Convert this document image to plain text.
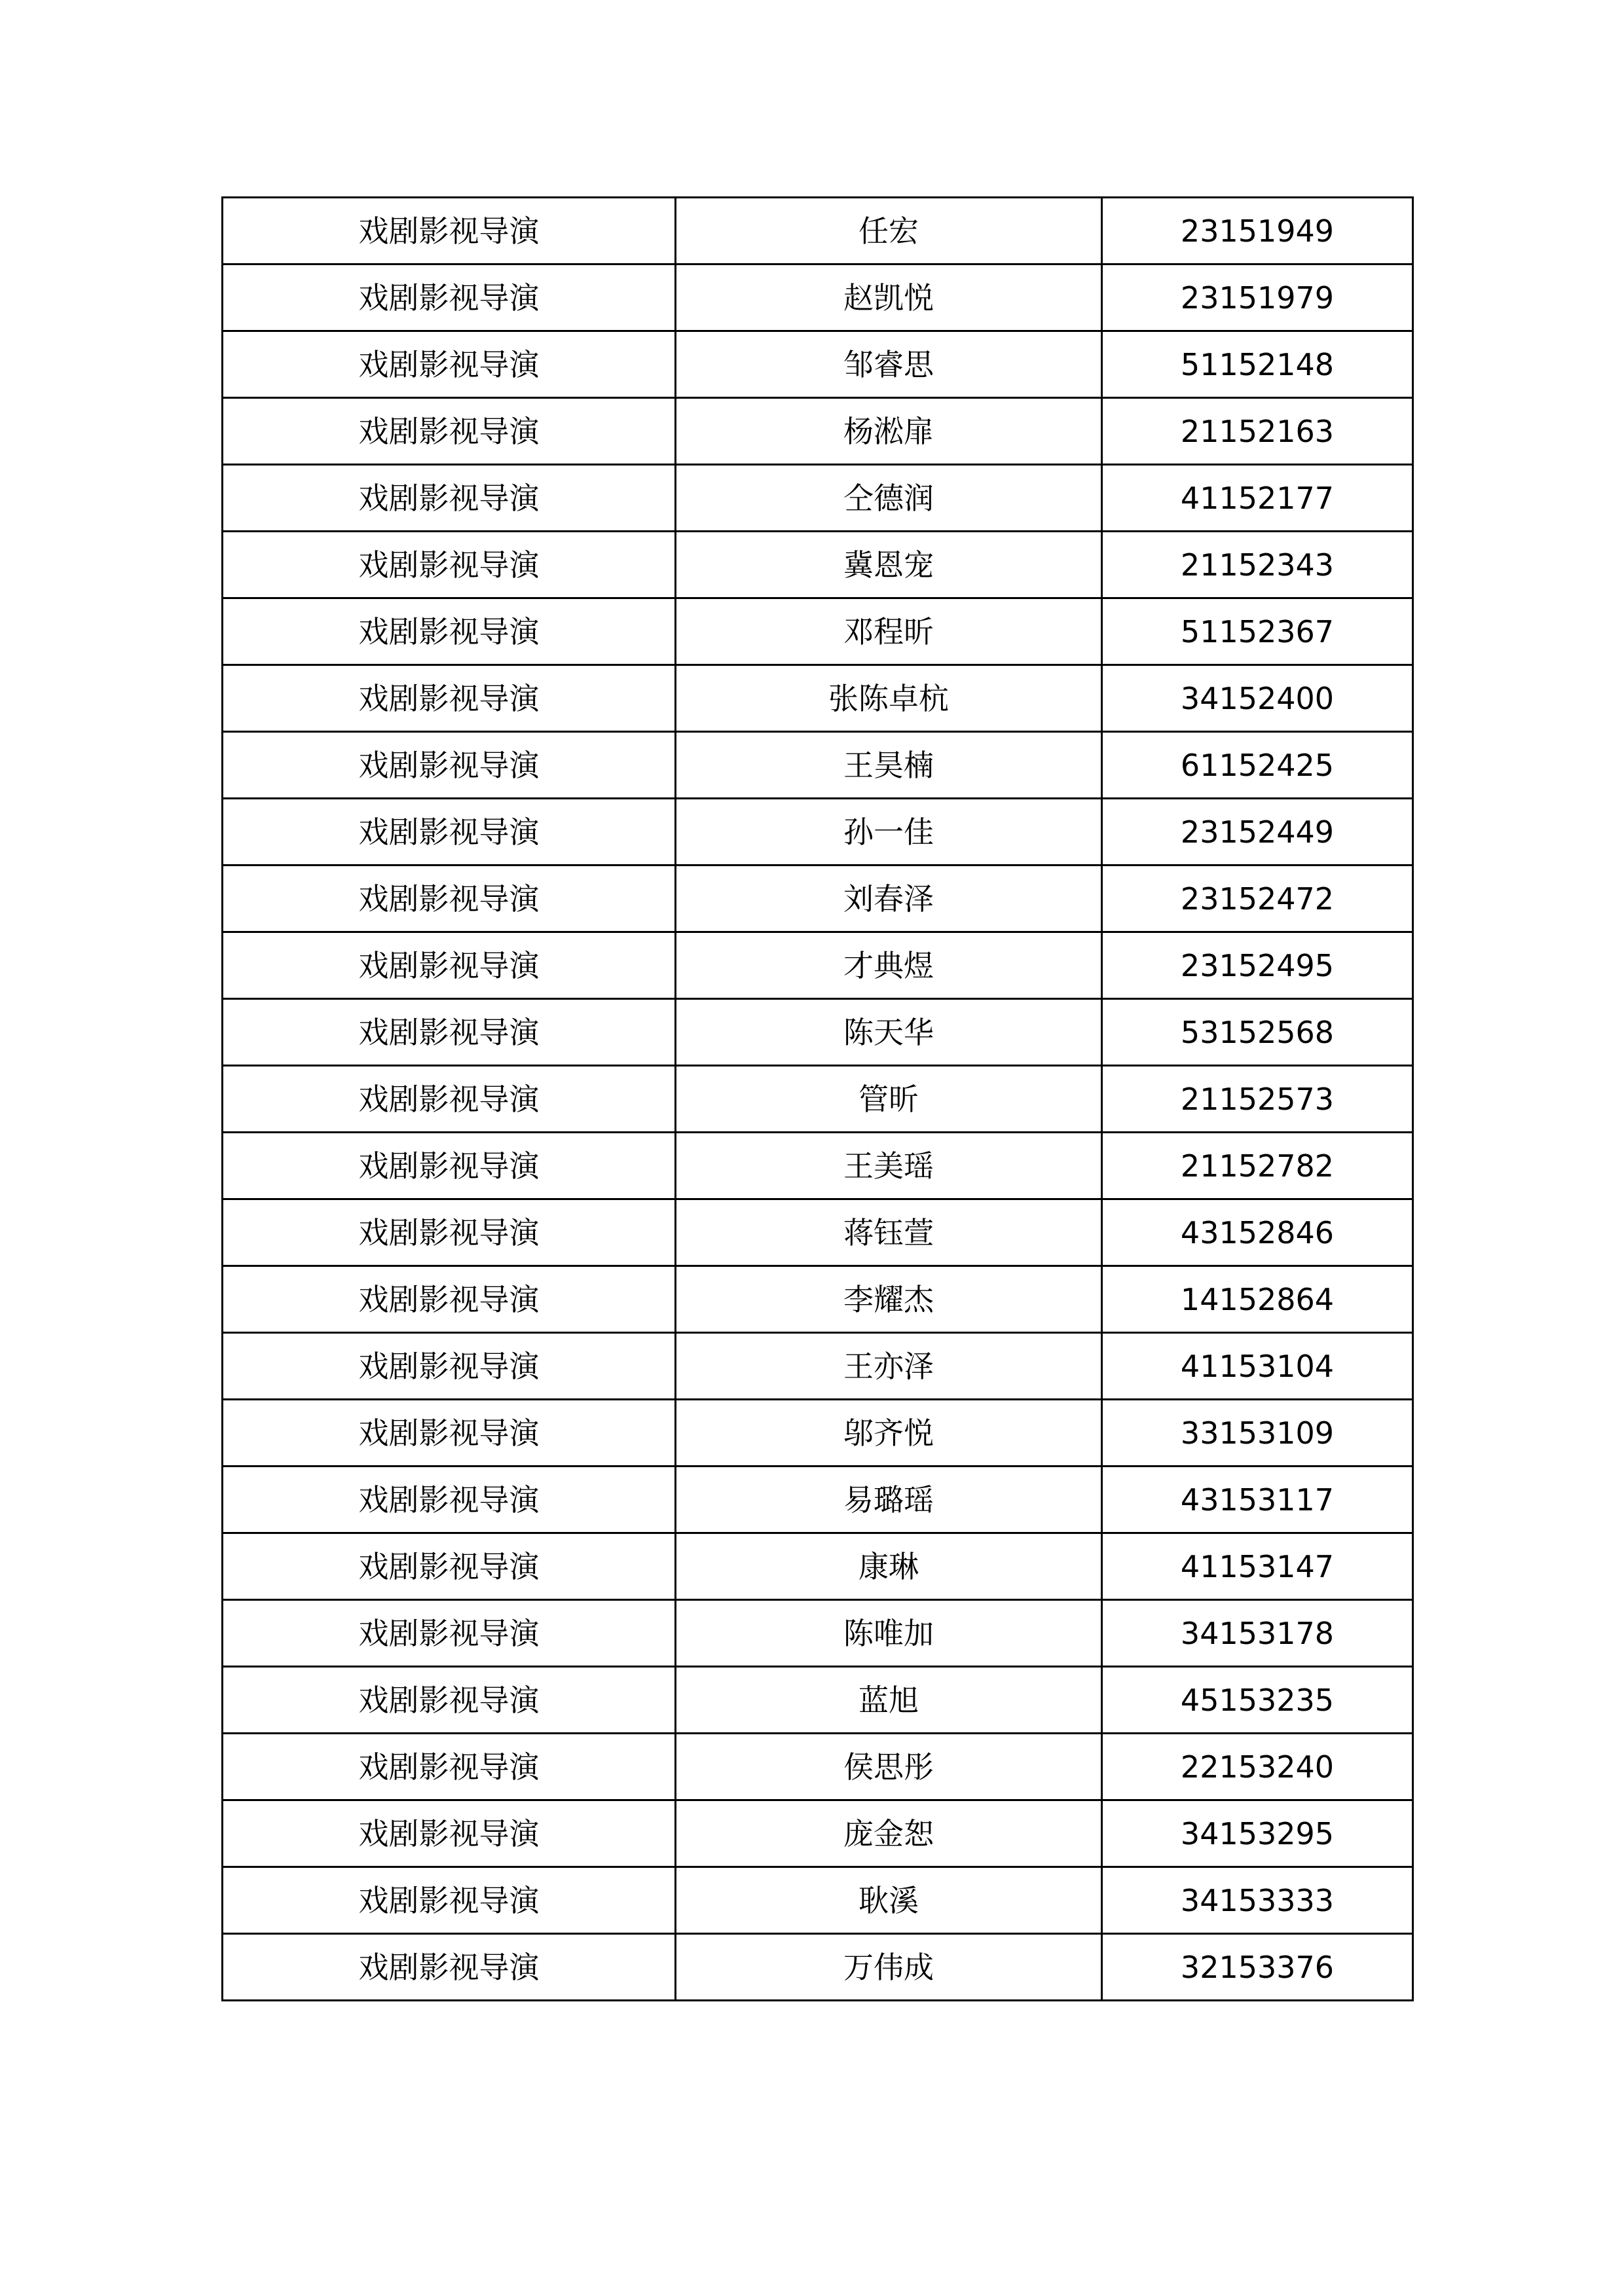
戏剧影视导演	任宏	23151949
戏剧影视导演	赵凯悦	23151979
戏剧影视导演	邹睿思	51152148
戏剧影视导演	杨淞扉	21152163
戏剧影视导演	仝德润	41152177
戏剧影视导演	冀恩宠	21152343
戏剧影视导演	邓程昕	51152367
戏剧影视导演	张陈卓杭	34152400
戏剧影视导演	王昊楠	61152425
戏剧影视导演	孙一佳	23152449
戏剧影视导演	刘春泽	23152472
戏剧影视导演	才典煜	23152495
戏剧影视导演	陈天华	53152568
戏剧影视导演	管昕	21152573
戏剧影视导演	王美瑶	21152782
戏剧影视导演	蒋钰萱	43152846
戏剧影视导演	李耀杰	14152864
戏剧影视导演	王亦泽	41153104
戏剧影视导演	邬齐悦	33153109
戏剧影视导演	易璐瑶	43153117
戏剧影视导演	康琳	41153147
戏剧影视导演	陈唯加	34153178
戏剧影视导演	蓝旭	45153235
戏剧影视导演	侯思彤	22153240
戏剧影视导演	庞金恕	34153295
戏剧影视导演	耿溪	34153333
戏剧影视导演	万伟成	32153376
